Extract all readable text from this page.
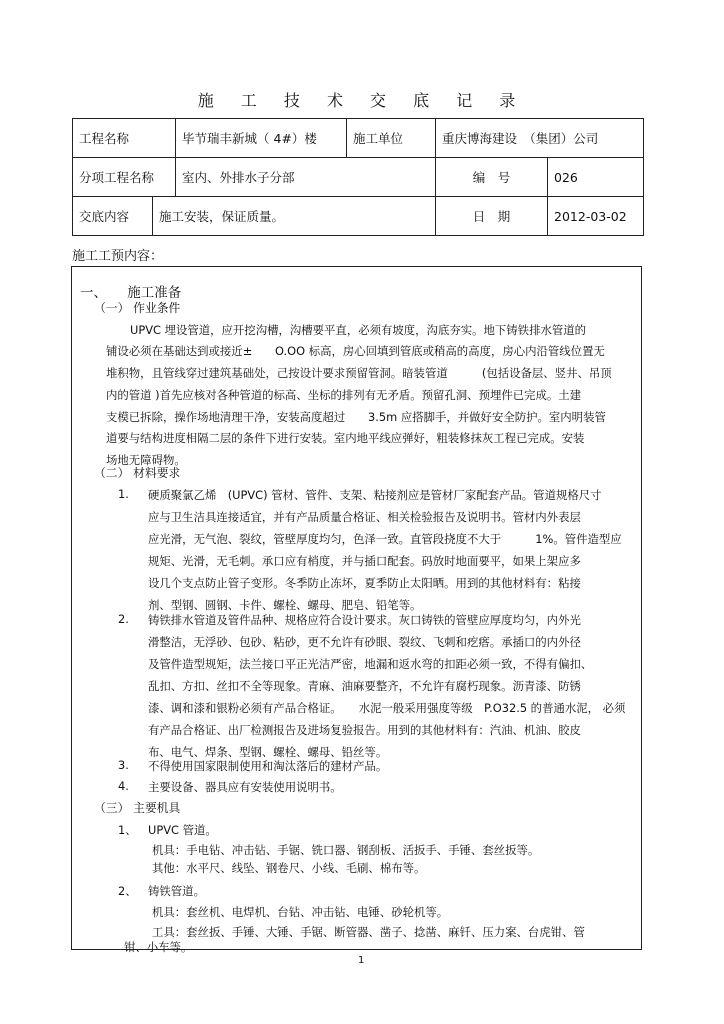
施 工 技 术 交 底 记 录
工程名称		毕节瑞丰新城（ 4#）楼	施工单位	重庆博海建设　（集团）公司	
分项工程名称		室内、外排水子分部		编　号	026
交底内容	施工安装，保证质量。			日　期	2012-03-02
施工工预内容：
一、　　施工准备
（一） 作业条件
UPVC 埋设管道，应开挖沟槽，沟槽要平直，必须有坡度，沟底夯实。地下铸铁排水管道的
铺设必须在基础达到或接近±　　O.OO 标高，房心回填到管底或稍高的高度，房心内沿管线位置无
堆积物，且管线穿过建筑基础处，己按设计要求预留管洞。暗装管道　　　(包括设备层、竖井、吊顶
内的管道 )首先应核对各种管道的标高、坐标的排列有无矛盾。预留孔洞、预埋件已完成。土建
支模已拆除，操作场地清理干净，安装高度超过　　3.5m 应搭脚手，并做好安全防护。室内明装管
道要与结构进度相隔二层的条件下进行安装。室内地平线应弹好，粗装修抹灰工程已完成。安装
场地无障碍物。
（二） 材料要求
1. 硬质聚氯乙烯　(UPVC) 管材、管件、支架、粘接剂应是管材厂家配套产品。管道规格尺寸
应与卫生洁具连接适宜，并有产品质量合格证、相关检验报告及说明书。管材内外表层
应光滑，无气泡、裂纹，管壁厚度均匀，色泽一致。直管段挠度不大于　　　1%。管件造型应
规矩、光滑，无毛刺。承口应有梢度，并与插口配套。码放时地面要平，如果上架应多
设几个支点防止管子变形。冬季防止冻坏，夏季防止太阳晒。用到的其他材料有：粘接
剂、型钢、圆钢、卡件、螺栓、螺母、肥皂、铅笔等。
2. 铸铁排水管道及管件品种、规格应符合设计要求。灰口铸铁的管壁应厚度均匀，内外光
滑整洁，无浮砂、包砂、粘砂，更不允许有砂眼、裂纹、飞刺和疙瘩。承插口的内外径
及管件造型规矩，法兰接口平正光洁严密，地漏和返水弯的扣距必须一致，不得有偏扣、
乱扣、方扣、丝扣不全等现象。青麻、油麻要整齐，不允许有腐朽现象。沥青漆、防锈
漆、调和漆和银粉必须有产品合格证。　　水泥一般采用强度等级　P.O32.5 的普通水泥， 必须
有产品合格证、出厂检测报告及进场复验报告。用到的其他材料有：汽油、机油、胶皮
布、电气、焊条、型钢、螺栓、螺母、铅丝等。
3. 不得使用国家限制使用和淘汰落后的建材产品。
4. 主要设备、器具应有安装使用说明书。
（三） 主要机具
1、 UPVC 管道。
机具：手电钻、冲击钻、手锯、铣口器、钢刮板、活扳手、手锤、套丝扳等。
其他：水平尺、线坠、钢卷尺、小线、毛刷、棉布等。
2、 铸铁管道。
机具：套丝机、电焊机、台钻、冲击钻、电锤、砂轮机等。
工具：套丝扳、手锤、大锤、手锯、断管器、凿子、捻凿、麻钎、压力案、台虎钳、管
钳、小车等。
1
